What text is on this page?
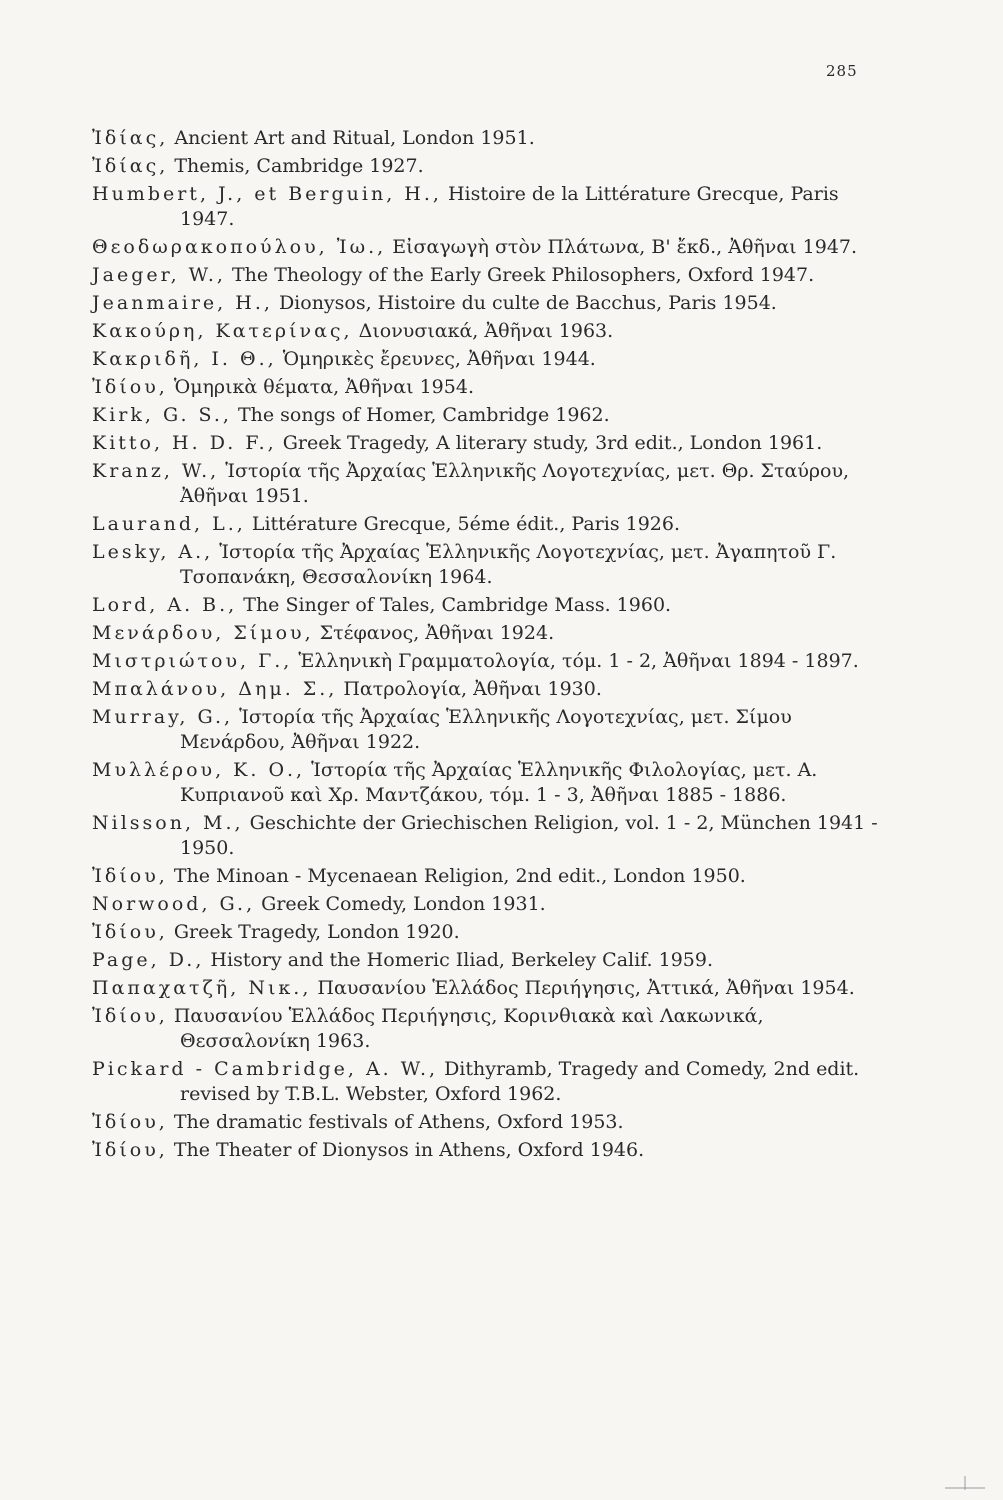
285
Ἰδίας, Ancient Art and Ritual, London 1951.
Ἰδίας, Themis, Cambridge 1927.
Humbert, J., et Berguin, H., Histoire de la Littérature Grecque, Paris 1947.
Θεοδωρακοπούλου, Ἰω., Εἰσαγωγὴ στὸν Πλάτωνα, Β' ἔκδ., Ἀθῆναι 1947.
Jaeger, W., The Theology of the Early Greek Philosophers, Oxford 1947.
Jeanmaire, H., Dionysos, Histoire du culte de Bacchus, Paris 1954.
Κακούρη, Κατερίνας, Διονυσιακά, Ἀθῆναι 1963.
Κακριδῆ, Ι. Θ., Ὁμηρικὲς ἔρευνες, Ἀθῆναι 1944.
Ἰδίου, Ὁμηρικὰ θέματα, Ἀθῆναι 1954.
Kirk, G. S., The songs of Homer, Cambridge 1962.
Kitto, H. D. F., Greek Tragedy, A literary study, 3rd edit., London 1961.
Kranz, W., Ἱστορία τῆς Ἀρχαίας Ἑλληνικῆς Λογοτεχνίας, μετ. Θρ. Σταύρου, Ἀθῆναι 1951.
Laurand, L., Littérature Grecque, 5éme édit., Paris 1926.
Lesky, A., Ἱστορία τῆς Ἀρχαίας Ἑλληνικῆς Λογοτεχνίας, μετ. Ἀγαπητοῦ Γ. Τσοπανάκη, Θεσσαλονίκη 1964.
Lord, A. B., The Singer of Tales, Cambridge Mass. 1960.
Μενάρδου, Σίμου, Στέφανος, Ἀθῆναι 1924.
Μιστριώτου, Γ., Ἑλληνικὴ Γραμματολογία, τόμ. 1 - 2, Ἀθῆναι 1894 - 1897.
Μπαλάνου, Δημ. Σ., Πατρολογία, Ἀθῆναι 1930.
Murray, G., Ἱστορία τῆς Ἀρχαίας Ἑλληνικῆς Λογοτεχνίας, μετ. Σίμου Μενάρδου, Ἀθῆναι 1922.
Μυλλέρου, Κ. Ο., Ἱστορία τῆς Ἀρχαίας Ἑλληνικῆς Φιλολογίας, μετ. Α. Κυπριανοῦ καὶ Χρ. Μαντζάκου, τόμ. 1 - 3, Ἀθῆναι 1885 - 1886.
Nilsson, M., Geschichte der Griechischen Religion, vol. 1 - 2, München 1941 - 1950.
Ἰδίου, The Minoan - Mycenaean Religion, 2nd edit., London 1950.
Norwood, G., Greek Comedy, London 1931.
Ἰδίου, Greek Tragedy, London 1920.
Page, D., History and the Homeric Iliad, Berkeley Calif. 1959.
Παπαχατζῆ, Νικ., Παυσανίου Ἑλλάδος Περιήγησις, Ἀττικά, Ἀθῆναι 1954.
Ἰδίου, Παυσανίου Ἑλλάδος Περιήγησις, Κορινθιακὰ καὶ Λακωνικά, Θεσσαλονίκη 1963.
Pickard - Cambridge, A. W., Dithyramb, Tragedy and Comedy, 2nd edit. revised by T.B.L. Webster, Oxford 1962.
Ἰδίου, The dramatic festivals of Athens, Oxford 1953.
Ἰδίου, The Theater of Dionysos in Athens, Oxford 1946.
